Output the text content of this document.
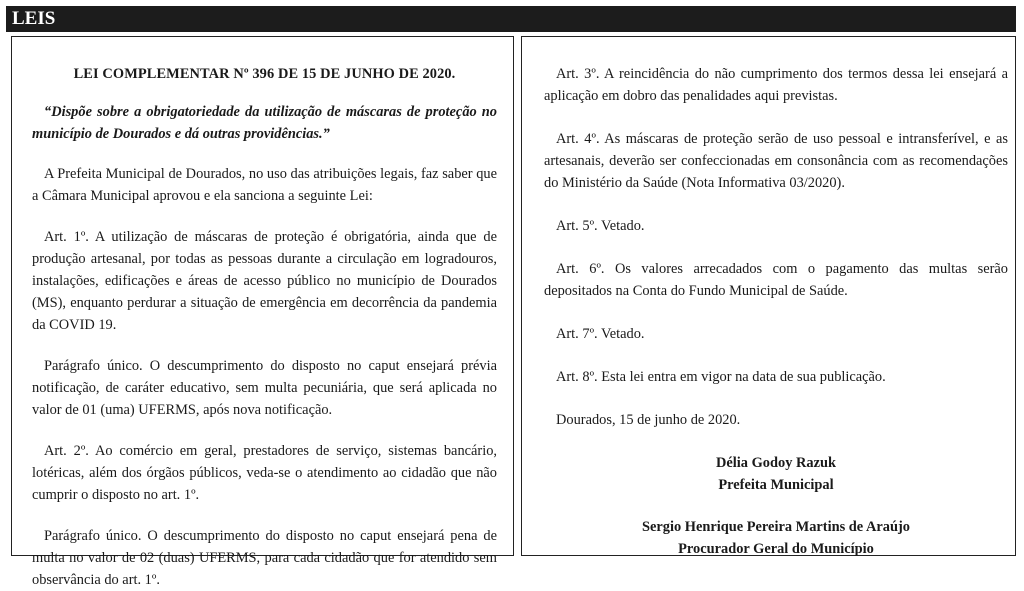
LEIS

LEI COMPLEMENTAR Nº 396 DE 15 DE JUNHO DE 2020.

“Dispõe sobre a obrigatoriedade da utilização de máscaras de proteção no município de Dourados e dá outras providências.”

A Prefeita Municipal de Dourados, no uso das atribuições legais, faz saber que a Câmara Municipal aprovou e ela sanciona a seguinte Lei:

Art. 1º. A utilização de máscaras de proteção é obrigatória, ainda que de produção artesanal, por todas as pessoas durante a circulação em logradouros, instalações, edificações e áreas de acesso público no município de Dourados (MS), enquanto perdurar a situação de emergência em decorrência da pandemia da COVID 19.

Parágrafo único. O descumprimento do disposto no caput ensejará prévia notificação, de caráter educativo, sem multa pecuniária, que será aplicada no valor de 01 (uma) UFERMS, após nova notificação.

Art. 2º. Ao comércio em geral, prestadores de serviço, sistemas bancário, lotéricas, além dos órgãos públicos, veda-se o atendimento ao cidadão que não cumprir o disposto no art. 1º.

Parágrafo único. O descumprimento do disposto no caput ensejará pena de multa no valor de 02 (duas) UFERMS, para cada cidadão que for atendido sem observância do art. 1º.

Art. 3º. A reincidência do não cumprimento dos termos dessa lei ensejará a aplicação em dobro das penalidades aqui previstas.

Art. 4º. As máscaras de proteção serão de uso pessoal e intransferível, e as artesanais, deverão ser confeccionadas em consonância com as recomendações do Ministério da Saúde (Nota Informativa 03/2020).

Art. 5º. Vetado.

Art. 6º. Os valores arrecadados com o pagamento das multas serão depositados na Conta do Fundo Municipal de Saúde.

Art. 7º. Vetado.

Art. 8º. Esta lei entra em vigor na data de sua publicação.

Dourados, 15 de junho de 2020.

Délia Godoy Razuk

Prefeita Municipal

Sergio Henrique Pereira Martins de Araújo

Procurador Geral do Município
